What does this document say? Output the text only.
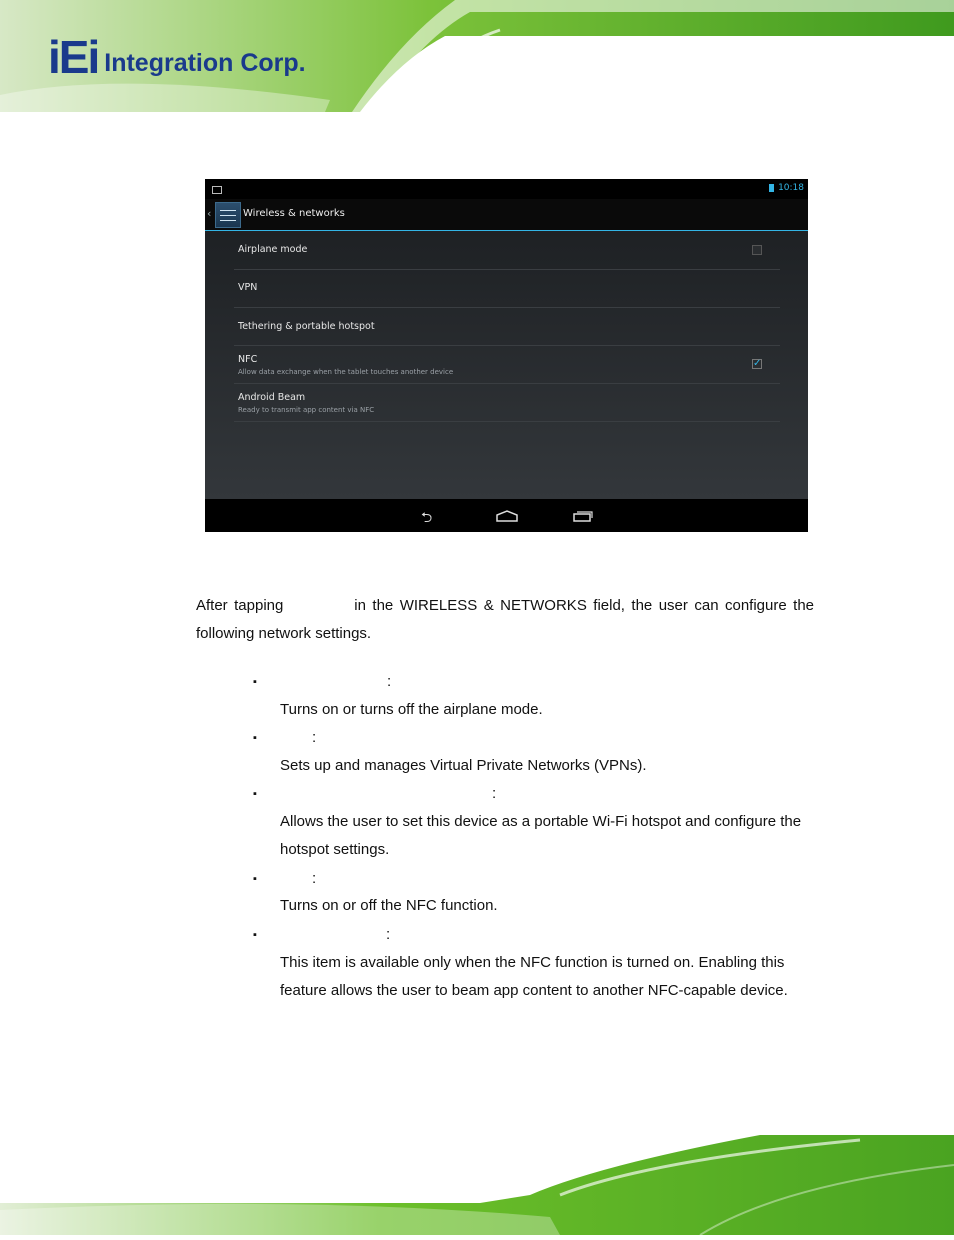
iEi Integration Corp.
10:18
‹	Wireless & networks
Airplane mode
VPN
Tethering & portable hotspot
NFC
Allow data exchange when the tablet touches another device
✓
Android Beam
Ready to transmit app content via NFC
⮌
After tapping	in the WIRELESS & NETWORKS field, the user can configure the following network settings.
▪	:
Turns on or turns off the airplane mode.
▪	:
Sets up and manages Virtual Private Networks (VPNs).
▪	:
Allows the user to set this device as a portable Wi-Fi hotspot and configure the hotspot settings.
▪	:
Turns on or off the NFC function.
▪	:
This item is available only when the NFC function is turned on. Enabling this feature allows the user to beam app content to another NFC-capable device.
